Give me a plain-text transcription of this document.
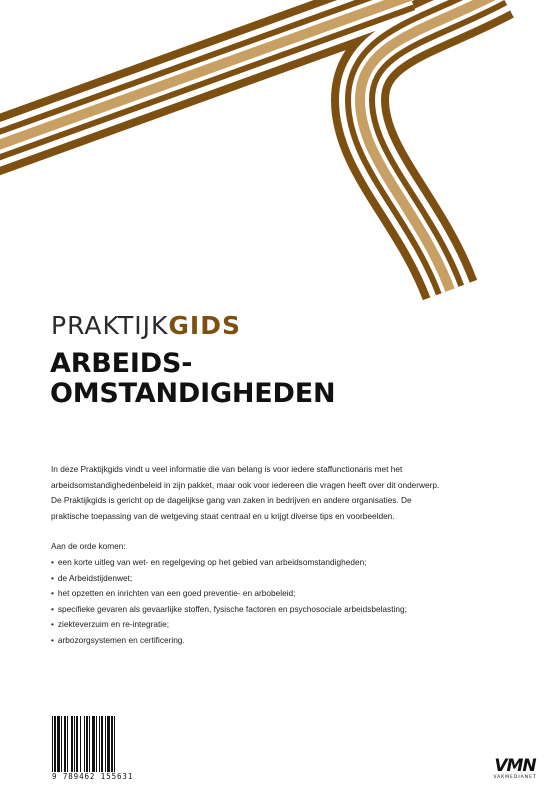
PRAKTIJKGIDS
ARBEIDS-
OMSTANDIGHEDEN

In deze Praktijkgids vindt u veel informatie die van belang is voor iedere staffunctionaris met het arbeidsomstandighedenbeleid in zijn pakket, maar ook voor iedereen die vragen heeft over dit onderwerp. De Praktijkgids is gericht op de dagelijkse gang van zaken in bedrijven en andere organisaties. De praktische toepassing van de wetgeving staat centraal en u krijgt diverse tips en voorbeelden.

Aan de orde komen:

• een korte uitleg van wet- en regelgeving op het gebied van arbeidsomstandigheden;
• de Arbeidstijdenwet;
• het opzetten en inrichten van een goed preventie- en arbobeleid;
• specifieke gevaren als gevaarlijke stoffen, fysische factoren en psychosociale arbeidsbelasting;
• ziekteverzuim en re-integratie;
• arbozorgsystemen en certificering.
9 789462 155631
VMN
VAKMEDIANET
